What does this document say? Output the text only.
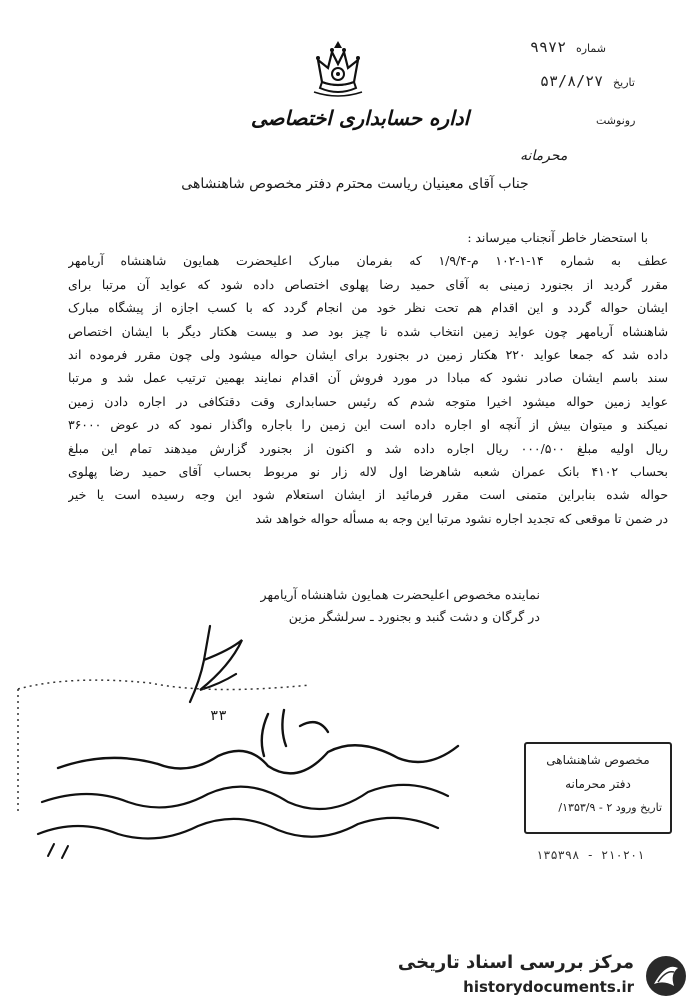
شماره ۹۹۷۲
تاریخ ۵۳/۸/۲۷
رونوشت
اداره حسابداری اختصاصی
محرمانه
جناب آقای معینیان ریاست محترم دفتر مخصوص شاهنشاهی
با استحضار خاطر آنجناب میرساند :
عطف به شماره ۱۴-۱-۱۰۲ م-۱/۹/۴ که بفرمان مبارک اعلیحضرت همایون شاهنشاه آریامهر
مقرر گردید از بجنورد زمینی به آقای حمید رضا پهلوی اختصاص داده شود که عواید آن مرتبا برای
ایشان حواله گردد و این اقدام هم تحت نظر خود من انجام گردد که با کسب اجازه از پیشگاه مبارک
شاهنشاه آریامهر چون عواید زمین انتخاب شده نا چیز بود صد و بیست هکتار دیگر با ایشان اختصاص
داده شد که جمعا عواید ۲۲۰ هکتار زمین در بجنورد برای ایشان حواله میشود ولی چون مقرر فرموده اند
سند باسم ایشان صادر نشود که مبادا در مورد فروش آن اقدام نمایند بهمین ترتیب عمل شد و مرتبا
عواید زمین حواله میشود اخیرا متوجه شدم که رئیس حسابداری وقت دقتکافی در اجاره دادن زمین
نمیکند و میتوان بیش از آنچه او اجاره داده است این زمین را باجاره واگذار نمود که در عوض ۳۶۰۰۰
ریال اولیه مبلغ ۰۰۰/۵۰۰ ریال اجاره داده شد و اکنون از بجنورد گزارش میدهند تمام این مبلغ
بحساب ۴۱۰۲ بانک عمران شعبه شاهرضا اول لاله زار نو مربوط بحساب آقای حمید رضا پهلوی
حواله شده بنابراین متمنی است مقرر فرمائید از ایشان استعلام شود این وجه رسیده است یا خیر
در ضمن تا موقعی که تجدید اجاره نشود مرتبا این وجه به مسأله حواله خواهد شد
نماینده مخصوص اعلیحضرت همایون شاهنشاه آریامهر
در گرگان و دشت گنبد و بجنورد ـ سرلشگر مزین
۳۳
مخصوص شاهنشاهی
دفتر محرمانه
تاریخ ورود ۲ - ۱۳۵۳/۹/
۲۱۰۲۰۱ - ۱۳۵۳۹۸
مرکز بررسی اسناد تاریخی
historydocuments.ir
